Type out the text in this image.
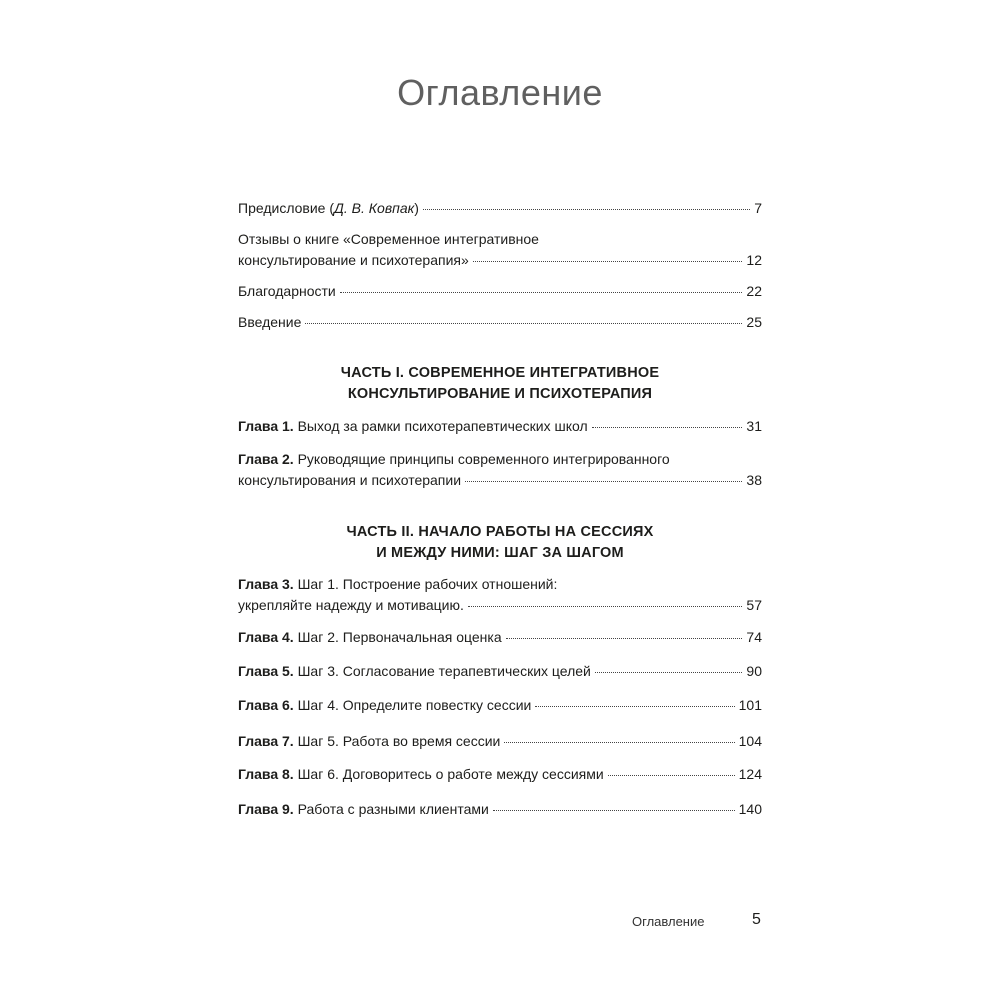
Оглавление
Предисловие (Д. В. Ковпак)	7
Отзывы о книге «Современное интегративное
консультирование и психотерапия»	12
Благодарности	22
Введение	25
ЧАСТЬ I. СОВРЕМЕННОЕ ИНТЕГРАТИВНОЕ
КОНСУЛЬТИРОВАНИЕ И ПСИХОТЕРАПИЯ
Глава 1. Выход за рамки психотерапевтических школ	31
Глава 2. Руководящие принципы современного интегрированного
консультирования и психотерапии	38
ЧАСТЬ II. НАЧАЛО РАБОТЫ НА СЕССИЯХ
И МЕЖДУ НИМИ: ШАГ ЗА ШАГОМ
Глава 3. Шаг 1. Построение рабочих отношений:
укрепляйте надежду и мотивацию.	57
Глава 4. Шаг 2. Первоначальная оценка	74
Глава 5. Шаг 3. Согласование терапевтических целей	90
Глава 6. Шаг 4. Определите повестку сессии	101
Глава 7. Шаг 5. Работа во время сессии	104
Глава 8. Шаг 6. Договоритесь о работе между сессиями	124
Глава 9. Работа с разными клиентами	140
Оглавление	5
